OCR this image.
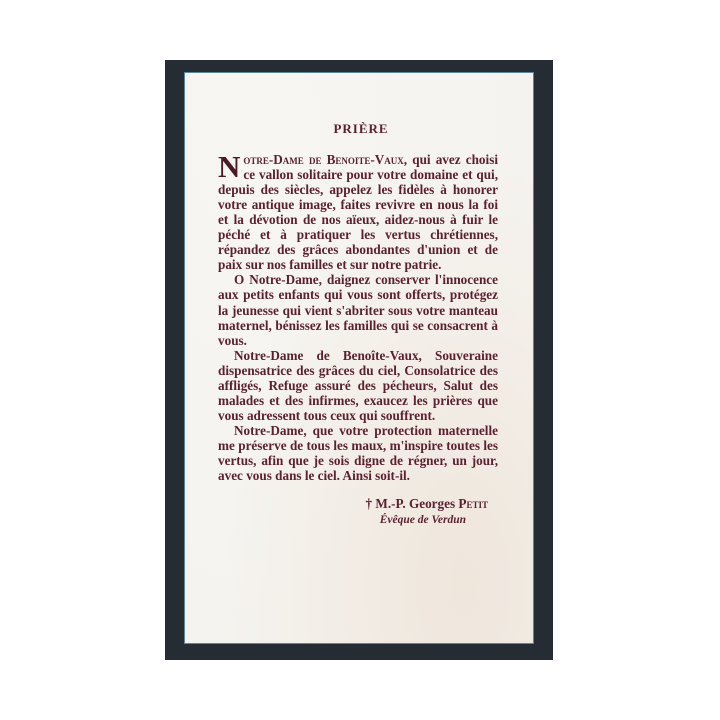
PRIÈRE

Notre-Dame de Benoite-Vaux, qui avez choisi ce vallon solitaire pour votre domaine et qui, depuis des siècles, appelez les fidèles à honorer votre antique image, faites revivre en nous la foi et la dévotion de nos aïeux, aidez-nous à fuir le péché et à pratiquer les vertus chrétiennes, répandez des grâces abondantes d'union et de paix sur nos familles et sur notre patrie.

O Notre-Dame, daignez conserver l'innocence aux petits enfants qui vous sont offerts, protégez la jeunesse qui vient s'abriter sous votre manteau maternel, bénissez les familles qui se consacrent à vous.

Notre-Dame de Benoîte-Vaux, Souveraine dispensatrice des grâces du ciel, Consolatrice des affligés, Refuge assuré des pécheurs, Salut des malades et des infirmes, exaucez les prières que vous adressent tous ceux qui souffrent.

Notre-Dame, que votre protection maternelle me préserve de tous les maux, m'inspire toutes les vertus, afin que je sois digne de régner, un jour, avec vous dans le ciel. Ainsi soit-il.

† M.-P. Georges Petit
Évêque de Verdun
